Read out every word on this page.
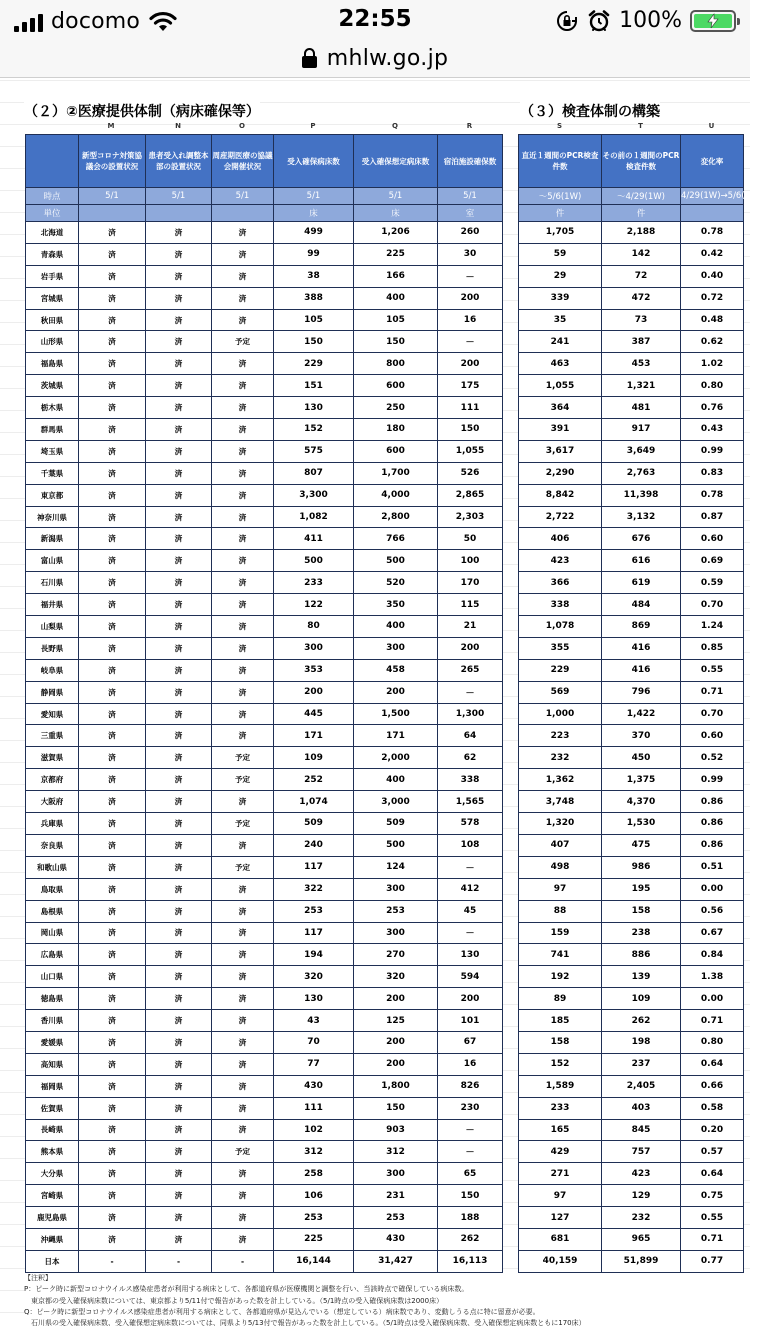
docomo	22:55	100%
mhlw.go.jp
（２）②医療提供体制（病床確保等）	（３）検査体制の構築
M	N	O	P	Q	R	S	T	U
	新型コロナ対策協議会の設置状況	患者受入れ調整本部の設置状況	周産期医療の協議会開催状況	受入確保病床数	受入確保想定病床数	宿泊施設確保数
時点	5/1	5/1	5/1	5/1	5/1	5/1
単位				床	床	室
北海道	済	済	済	499	1,206	260
青森県	済	済	済	99	225	30
岩手県	済	済	済	38	166	－
宮城県	済	済	済	388	400	200
秋田県	済	済	済	105	105	16
山形県	済	済	予定	150	150	－
福島県	済	済	済	229	800	200
茨城県	済	済	済	151	600	175
栃木県	済	済	済	130	250	111
群馬県	済	済	済	152	180	150
埼玉県	済	済	済	575	600	1,055
千葉県	済	済	済	807	1,700	526
東京都	済	済	済	3,300	4,000	2,865
神奈川県	済	済	済	1,082	2,800	2,303
新潟県	済	済	済	411	766	50
富山県	済	済	済	500	500	100
石川県	済	済	済	233	520	170
福井県	済	済	済	122	350	115
山梨県	済	済	済	80	400	21
長野県	済	済	済	300	300	200
岐阜県	済	済	済	353	458	265
静岡県	済	済	済	200	200	－
愛知県	済	済	済	445	1,500	1,300
三重県	済	済	済	171	171	64
滋賀県	済	済	予定	109	2,000	62
京都府	済	済	予定	252	400	338
大阪府	済	済	済	1,074	3,000	1,565
兵庫県	済	済	予定	509	509	578
奈良県	済	済	済	240	500	108
和歌山県	済	済	予定	117	124	－
鳥取県	済	済	済	322	300	412
島根県	済	済	済	253	253	45
岡山県	済	済	済	117	300	－
広島県	済	済	済	194	270	130
山口県	済	済	済	320	320	594
徳島県	済	済	済	130	200	200
香川県	済	済	済	43	125	101
愛媛県	済	済	済	70	200	67
高知県	済	済	済	77	200	16
福岡県	済	済	済	430	1,800	826
佐賀県	済	済	済	111	150	230
長崎県	済	済	済	102	903	－
熊本県	済	済	予定	312	312	－
大分県	済	済	済	258	300	65
宮崎県	済	済	済	106	231	150
鹿児島県	済	済	済	253	253	188
沖縄県	済	済	済	225	430	262
日本	-	-	-	16,144	31,427	16,113
直近１週間のPCR検査件数	その前の１週間のPCR検査件数	変化率
～5/6(1W)	～4/29(1W)	4/29(1W)→5/6(1W)
件	件	
1,705	2,188	0.78
59	142	0.42
29	72	0.40
339	472	0.72
35	73	0.48
241	387	0.62
463	453	1.02
1,055	1,321	0.80
364	481	0.76
391	917	0.43
3,617	3,649	0.99
2,290	2,763	0.83
8,842	11,398	0.78
2,722	3,132	0.87
406	676	0.60
423	616	0.69
366	619	0.59
338	484	0.70
1,078	869	1.24
355	416	0.85
229	416	0.55
569	796	0.71
1,000	1,422	0.70
223	370	0.60
232	450	0.52
1,362	1,375	0.99
3,748	4,370	0.86
1,320	1,530	0.86
407	475	0.86
498	986	0.51
97	195	0.00
88	158	0.56
159	238	0.67
741	886	0.84
192	139	1.38
89	109	0.00
185	262	0.71
158	198	0.80
152	237	0.64
1,589	2,405	0.66
233	403	0.58
165	845	0.20
429	757	0.57
271	423	0.64
97	129	0.75
127	232	0.55
681	965	0.71
40,159	51,899	0.77
【注釈】
P：ピーク時に新型コロナウイルス感染症患者が利用する病床として、各都道府県が医療機関と調整を行い、当該時点で確保している病床数。
　東京都の受入確保病床数については、東京都より5/11付で報告があった数を計上している。（5/1時点の受入確保病床数は2000床）
Q：ピーク時に新型コロナウイルス感染症患者が利用する病床として、各都道府県が見込んでいる（想定している）病床数であり、変動しうる点に特に留意が必要。
　石川県の受入確保病床数、受入確保想定病床数については、同県より5/13付で報告があった数を計上している。（5/1時点は受入確保病床数、受入確保想定病床数ともに170床）
